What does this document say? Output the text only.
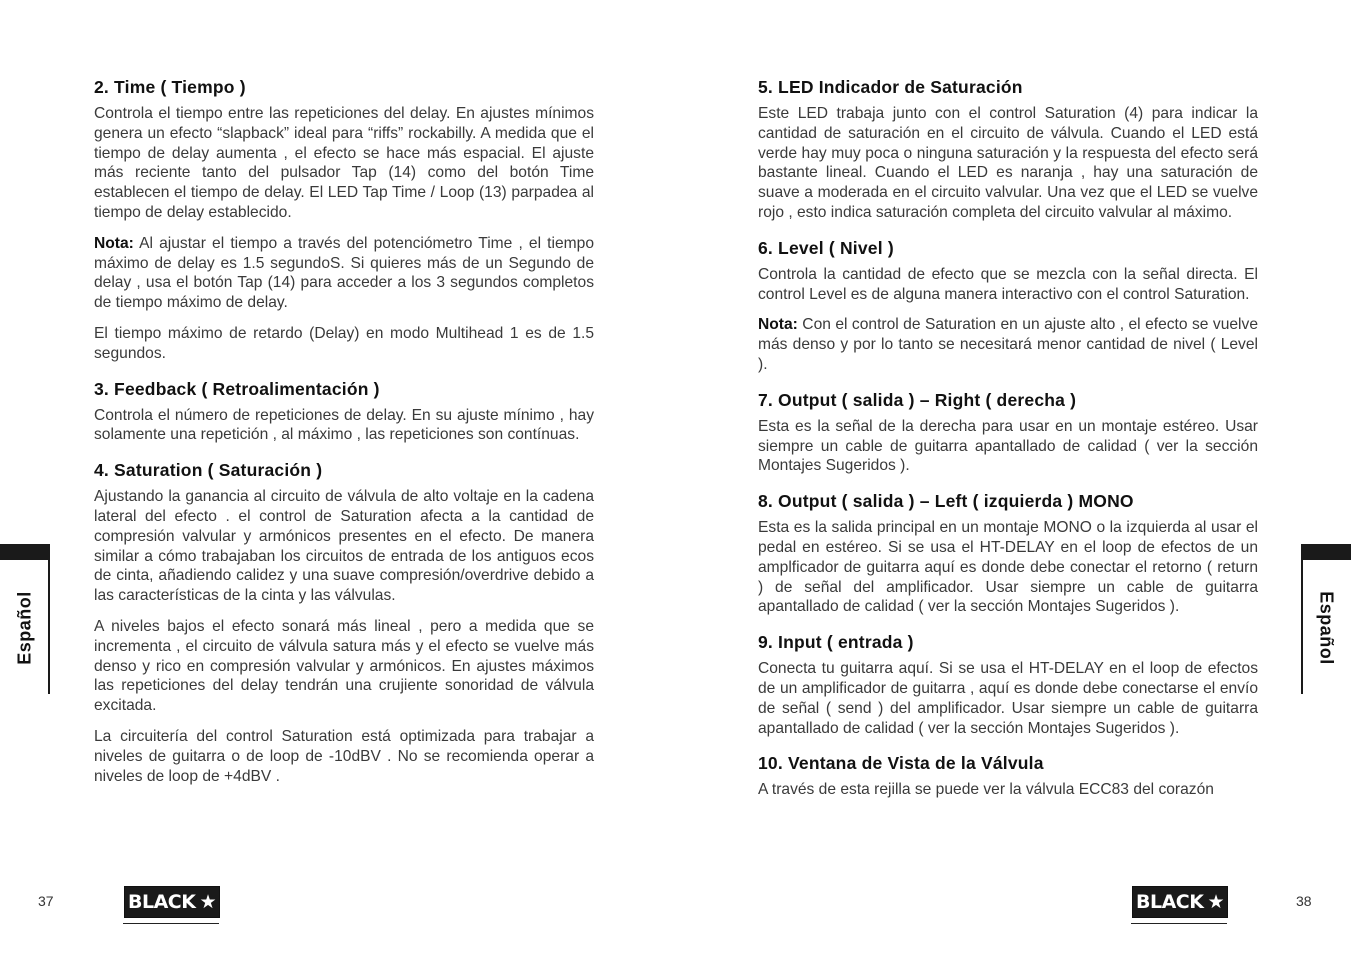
2. Time ( Tiempo )

Controla el tiempo entre las repeticiones del delay. En ajustes mínimos genera un efecto “slapback” ideal para “riffs” rockabilly. A medida que el tiempo de delay aumenta , el efecto se hace más espacial. El ajuste más reciente tanto del pulsador Tap (14) como del botón Time establecen el tiempo de delay. El LED Tap Time / Loop (13) parpadea al tiempo de delay establecido.

Nota: Al ajustar el tiempo a través del potenciómetro Time , el tiempo máximo de delay es 1.5 segundoS. Si quieres más de un Segundo de delay , usa el botón Tap (14) para acceder a los 3 segundos completos de tiempo máximo de delay.

El tiempo máximo de retardo (Delay) en modo Multihead 1 es de 1.5 segundos.

3. Feedback ( Retroalimentación )

Controla el número de repeticiones de delay. En su ajuste mínimo , hay solamente una repetición , al máximo , las repeticiones son contínuas.

4. Saturation ( Saturación )

Ajustando la ganancia al circuito de válvula de alto voltaje en la cadena lateral del efecto . el control de Saturation afecta a la cantidad de compresión valvular y armónicos presentes en el efecto. De manera similar a cómo trabajaban los circuitos de entrada de los antiguos ecos de cinta, añadiendo calidez y una suave compresión/overdrive debido a las características de la cinta y las válvulas.

A niveles bajos el efecto sonará más lineal , pero a medida que se incrementa , el circuito de válvula satura más y el efecto se vuelve más denso y rico en compresión valvular y armónicos. En ajustes máximos las repeticiones del delay tendrán una crujiente sonoridad de válvula excitada.

La circuitería del control Saturation está optimizada para trabajar a niveles de guitarra o de loop de -10dBV . No se recomienda operar a niveles de loop de +4dBV .

Español
37	BLACK ★
5. LED Indicador de Saturación

Este LED trabaja junto con el control Saturation (4) para indicar la cantidad de saturación en el circuito de válvula. Cuando el LED está verde hay muy poca o ninguna saturación y la respuesta del efecto será bastante lineal. Cuando el LED es naranja , hay una saturación de suave a moderada en el circuito valvular. Una vez que el LED se vuelve rojo , esto indica saturación completa del circuito valvular al máximo.

6. Level ( Nivel )

Controla la cantidad de efecto que se mezcla con la señal directa. El control Level es de alguna manera interactivo con el control Saturation.

Nota: Con el control de Saturation en un ajuste alto , el efecto se vuelve más denso y por lo tanto se necesitará menor cantidad de nivel ( Level ).

7. Output ( salida ) – Right ( derecha )

Esta es la señal de la derecha para usar en un montaje estéreo. Usar siempre un cable de guitarra apantallado de calidad ( ver la sección Montajes Sugeridos ).

8. Output ( salida ) – Left ( izquierda ) MONO

Esta es la salida principal en un montaje MONO o la izquierda al usar el pedal en estéreo. Si se usa el HT-DELAY en el loop de efectos de un amplficador de guitarra aquí es donde debe conectar el retorno ( return ) de señal del amplificador. Usar siempre un cable de guitarra apantallado de calidad ( ver la sección Montajes Sugeridos ).

9. Input ( entrada )

Conecta tu guitarra aquí. Si se usa el HT-DELAY en el loop de efectos de un amplificador de guitarra , aquí es donde debe conectarse el envío de señal ( send ) del amplificador. Usar siempre un cable de guitarra apantallado de calidad ( ver la sección Montajes Sugeridos ).

10. Ventana de Vista de la Válvula

A través de esta rejilla se puede ver la válvula ECC83 del corazón

Español
38
BLACK ★
